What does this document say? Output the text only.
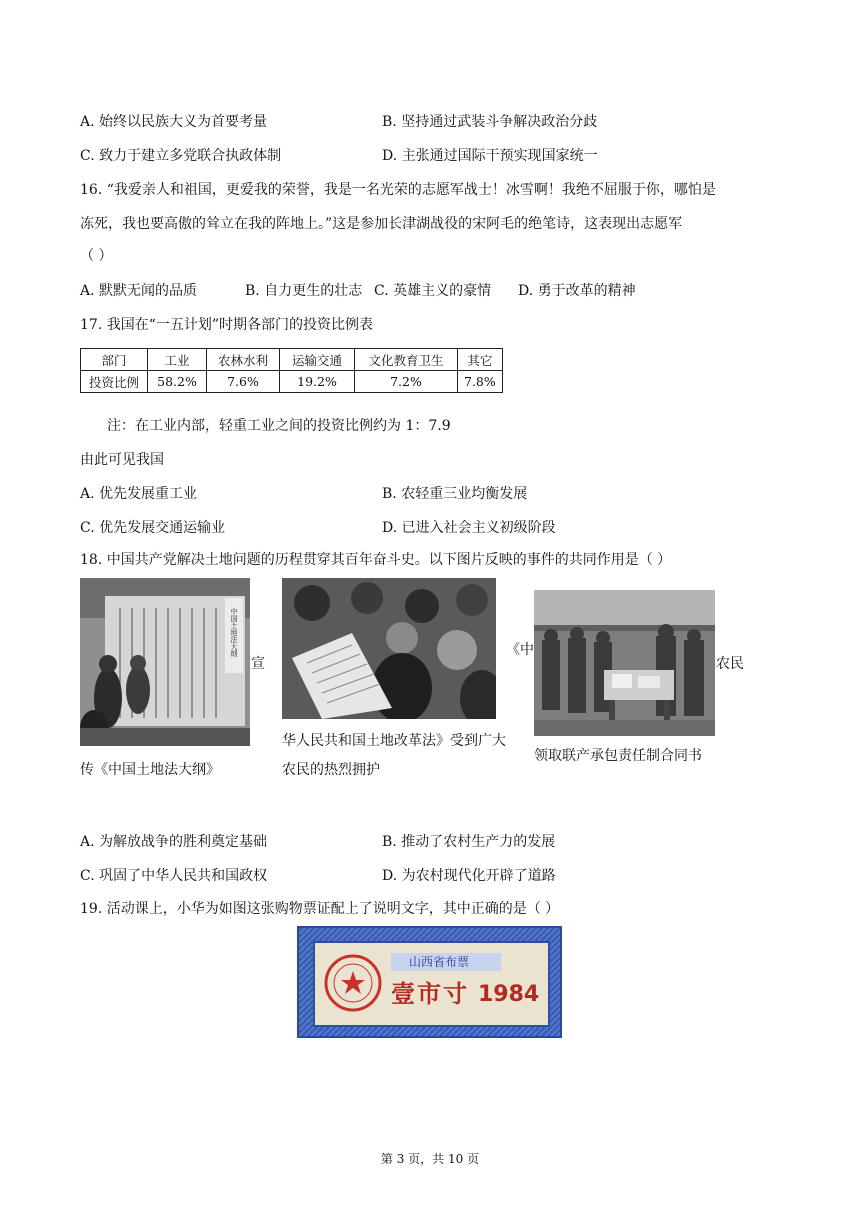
A. 始终以民族大义为首要考量	B. 坚持通过武装斗争解决政治分歧
C. 致力于建立多党联合执政体制	D. 主张通过国际干预实现国家统一
16. “我爱亲人和祖国，更爱我的荣誉，我是一名光荣的志愿军战士！冰雪啊！我绝不屈服于你，哪怕是
冻死，我也要高傲的耸立在我的阵地上。”这是参加长津湖战役的宋阿毛的绝笔诗，这表现出志愿军
（ ）
A. 默默无闻的品质	B. 自力更生的壮志 C. 英雄主义的豪情 D. 勇于改革的精神
17. 我国在“一五计划”时期各部门的投资比例表
部门	工业	农林水利	运输交通	文化教育卫生	其它
投资比例	58.2%	7.6%	19.2%	7.2%	7.8%
注：在工业内部，轻重工业之间的投资比例约为 1：7.9
由此可见我国
A. 优先发展重工业	B. 农轻重三业均衡发展
C. 优先发展交通运输业	D. 已进入社会主义初级阶段
18. 中国共产党解决土地问题的历程贯穿其百年奋斗史。以下图片反映的事件的共同作用是（ ）
中国土地法大纲
宣
传《中国土地法大纲》
《中
华人民共和国土地改革法》受到广大
农民的热烈拥护
农民
领取联产承包责任制合同书
A. 为解放战争的胜利奠定基础	B. 推动了农村生产力的发展
C. 巩固了中华人民共和国政权	D. 为农村现代化开辟了道路
19. 活动课上，小华为如图这张购物票证配上了说明文字，其中正确的是（ ）
山西省布票
壹市寸 1984
第 3 页，共 10 页
